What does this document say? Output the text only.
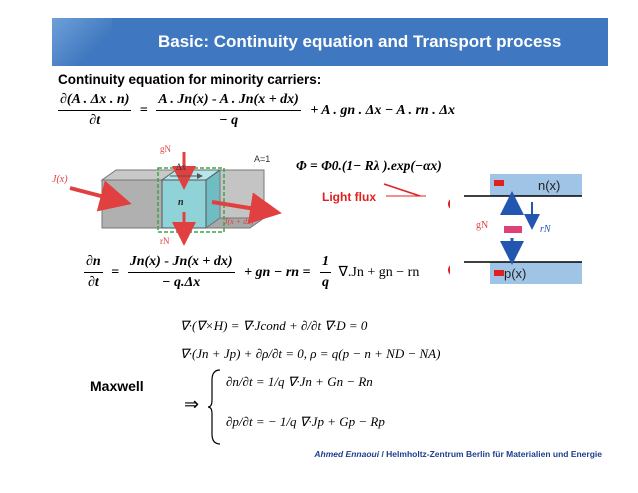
Basic: Continuity equation and Transport process
Continuity equation for minority carriers:
$\frac{\partial(A . \Delta x . n)}{\partial t} = \frac{A . Jn(x) - A . Jn(x + dx)}{- q} + A$ . gn . Δx − A . rn . Δx
Φ = Φ0.(1− Rλ ).exp(−αx)
Light flux
gN
Δx
A=1
J(x)
J(x + dx)
n
rN
n(x)
p(x)
gN	rN
$\frac{\partial n}{\partial t} = \frac{Jn(x) - Jn(x + dx)}{- q.\Delta x}$ + gn − rn = $\frac{1}{q} \nabla.Jn$ + gn − rn
∇·(∇×H) = ∇·Jcond + ∂/∂t ∇·D = 0
∇·(Jn + Jp) + ∂ρ/∂t = 0, ρ = q(p − n + ND − NA)
Maxwell
⇒
∂n/∂t = 1/q ∇·Jn + Gn − Rn
∂p/∂t = − 1/q ∇·Jp + Gp − Rp
Ahmed Ennaoui / Helmholtz-Zentrum Berlin für Materialien und Energie
